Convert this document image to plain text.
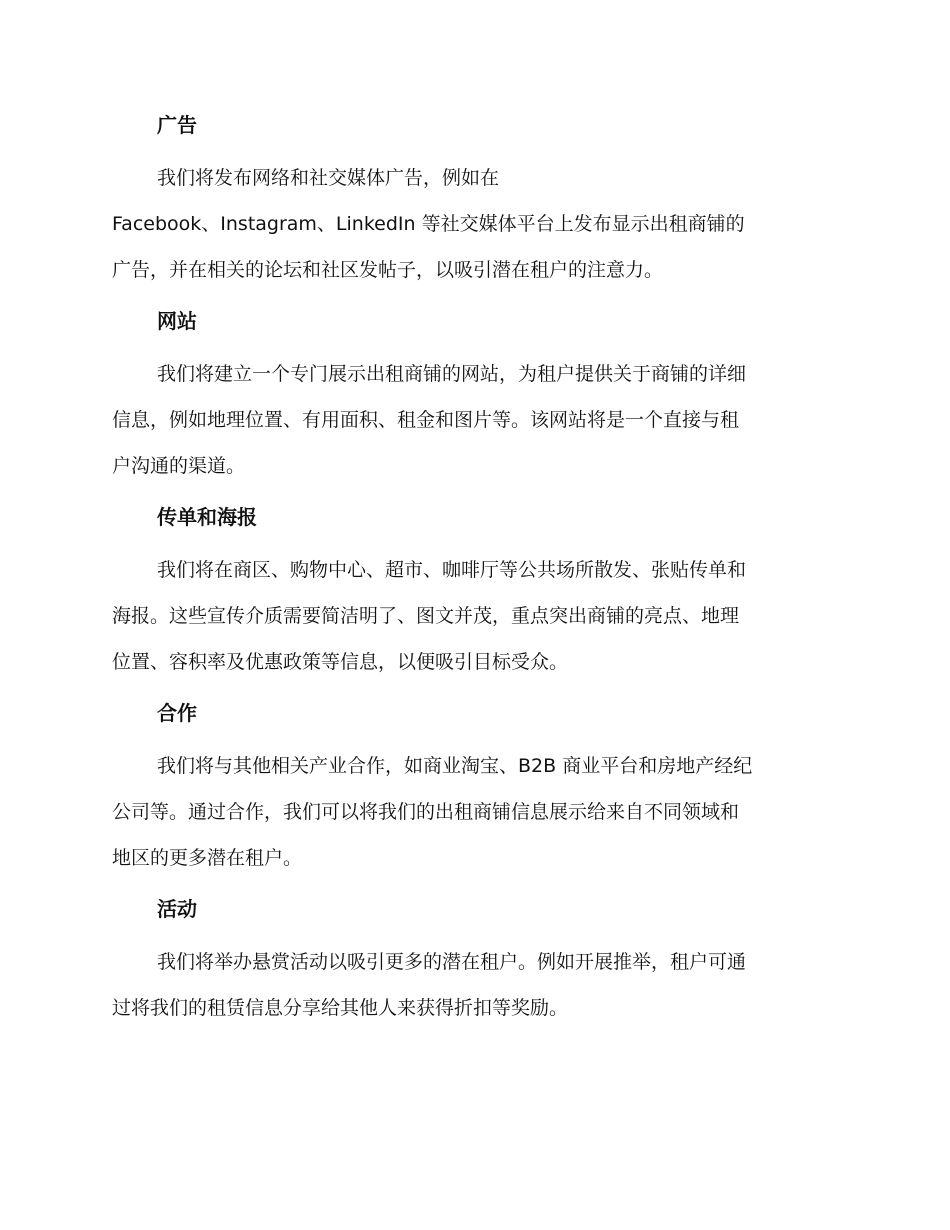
广告
我们将发布网络和社交媒体广告，例如在
Facebook、Instagram、LinkedIn 等社交媒体平台上发布显示出租商铺的
广告，并在相关的论坛和社区发帖子，以吸引潜在租户的注意力。
网站
我们将建立一个专门展示出租商铺的网站，为租户提供关于商铺的详细
信息，例如地理位置、有用面积、租金和图片等。该网站将是一个直接与租
户沟通的渠道。
传单和海报
我们将在商区、购物中心、超市、咖啡厅等公共场所散发、张贴传单和
海报。这些宣传介质需要简洁明了、图文并茂，重点突出商铺的亮点、地理
位置、容积率及优惠政策等信息，以便吸引目标受众。
合作
我们将与其他相关产业合作，如商业淘宝、B2B 商业平台和房地产经纪
公司等。通过合作，我们可以将我们的出租商铺信息展示给来自不同领域和
地区的更多潜在租户。
活动
我们将举办悬赏活动以吸引更多的潜在租户。例如开展推举，租户可通
过将我们的租赁信息分享给其他人来获得折扣等奖励。
